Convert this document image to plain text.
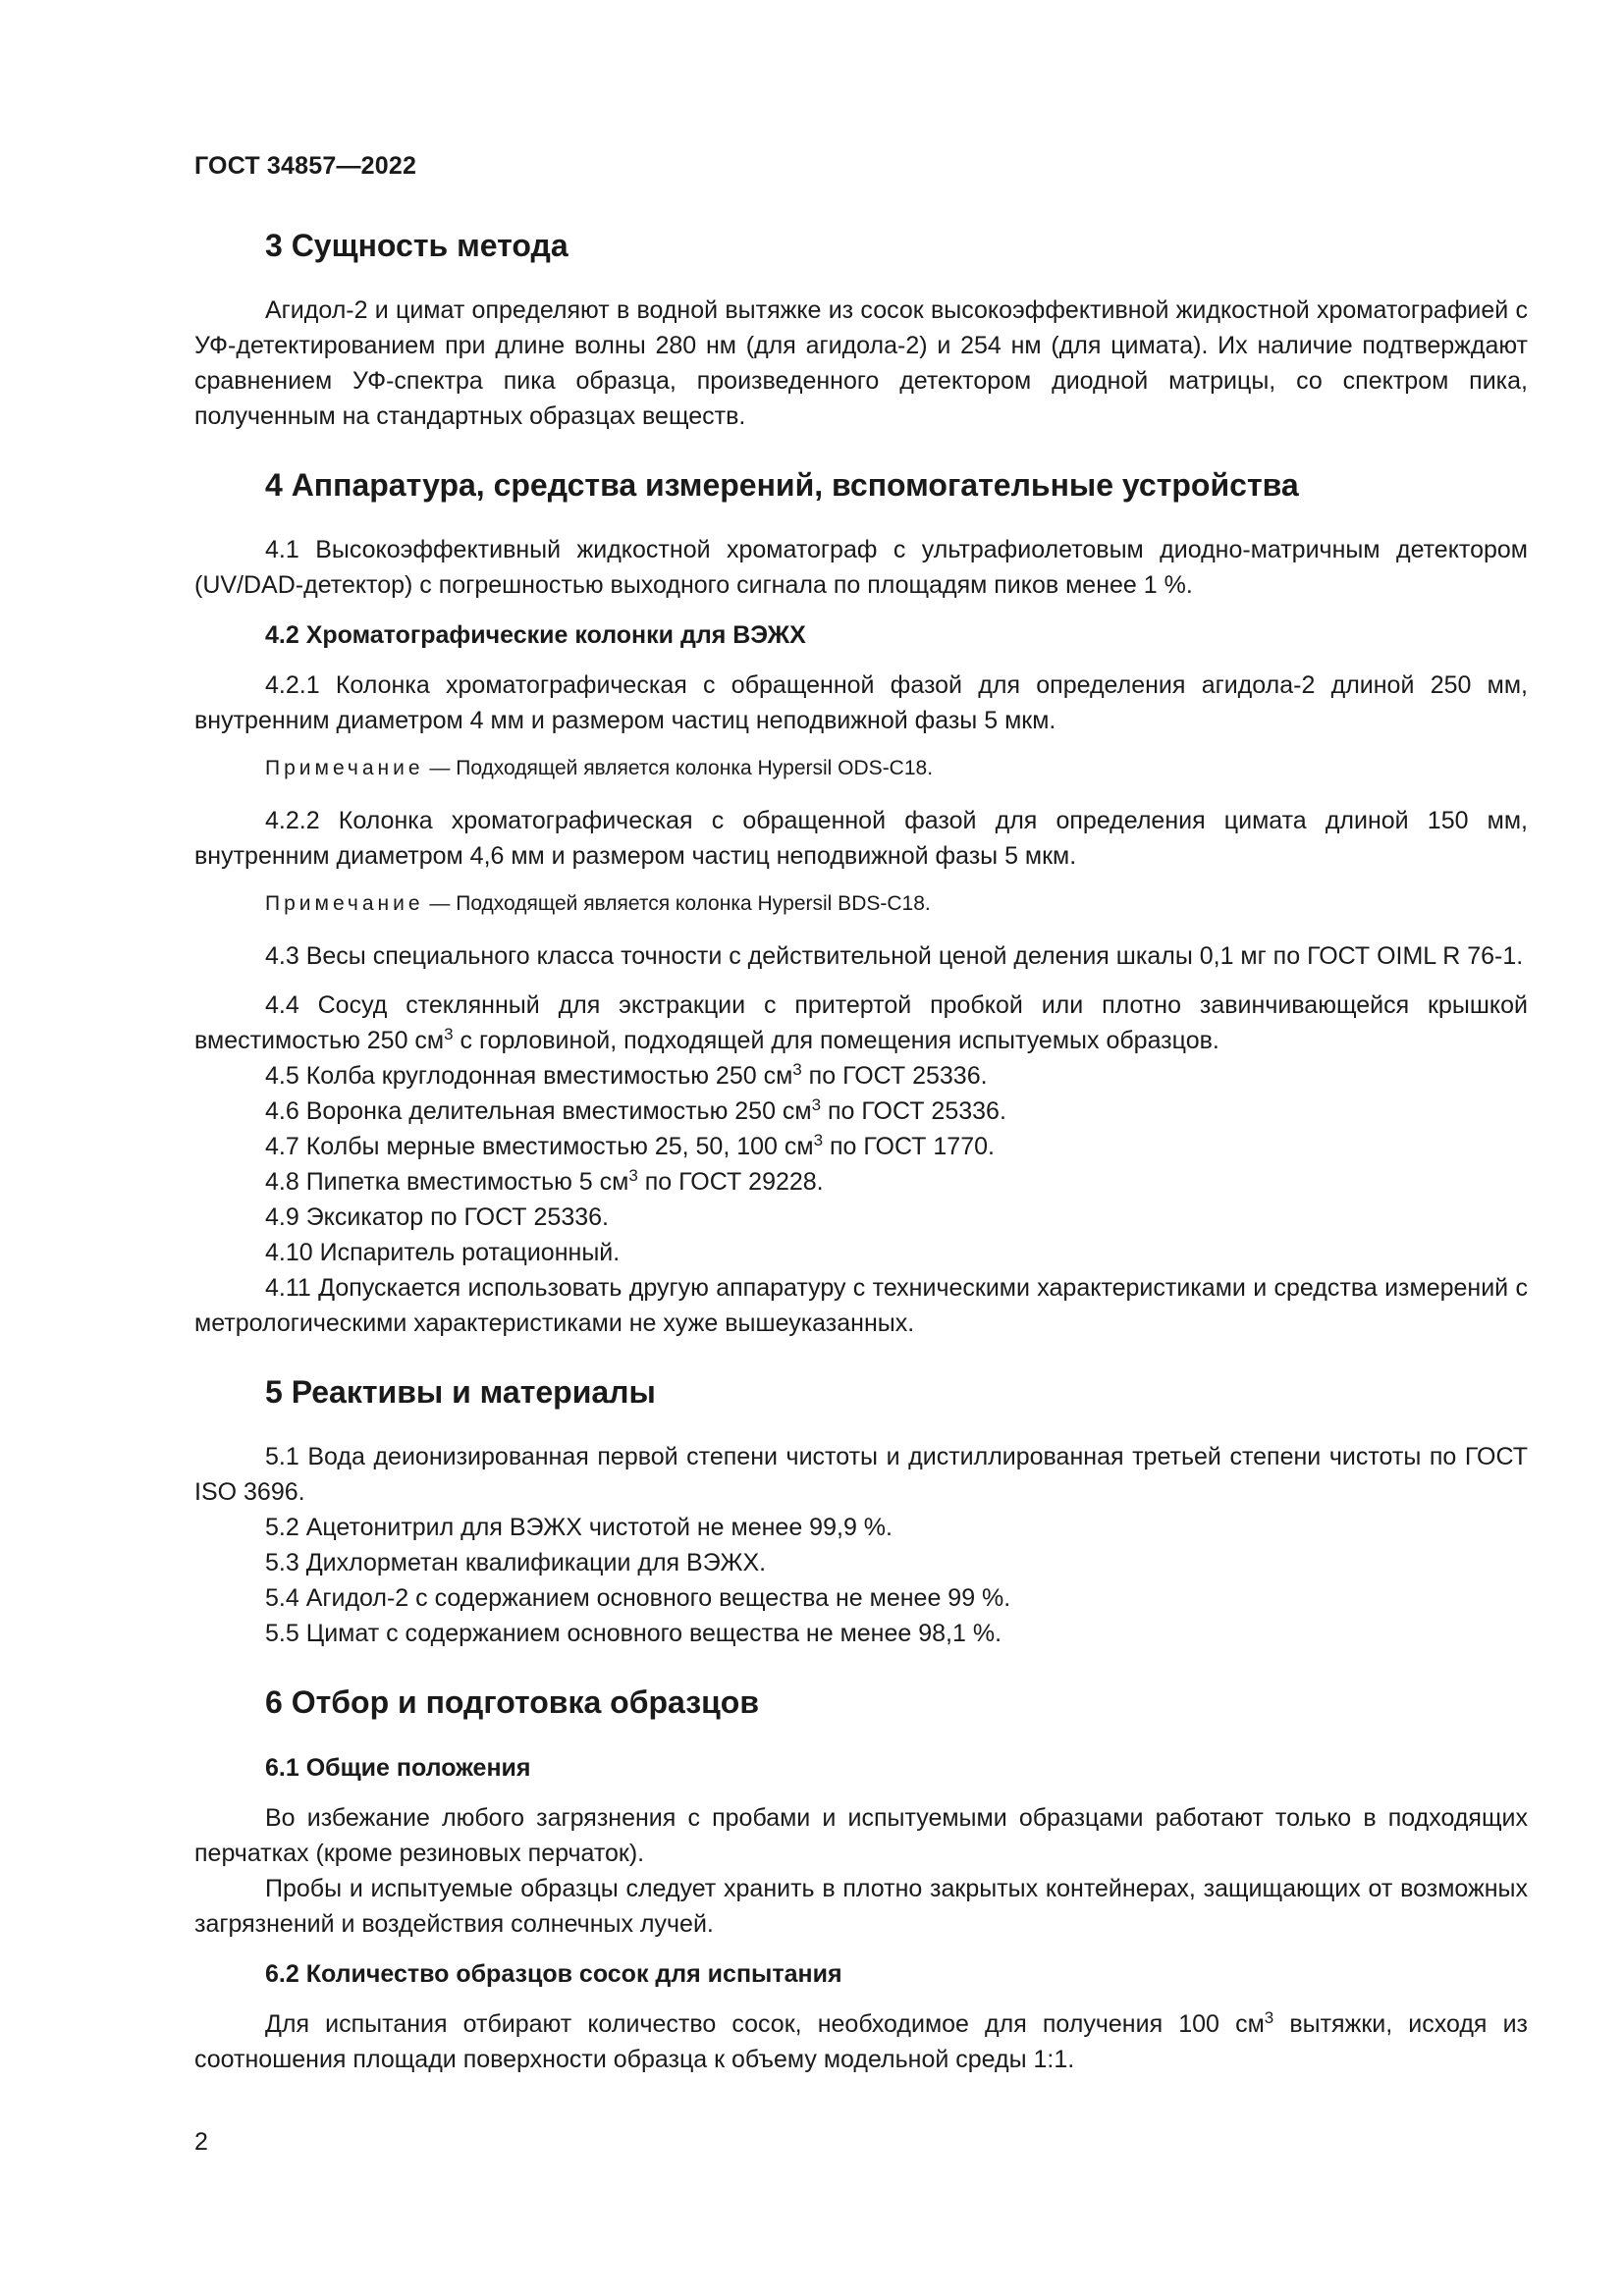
ГОСТ 34857—2022
3 Сущность метода

Агидол-2 и цимат определяют в водной вытяжке из сосок высокоэффективной жидкостной хроматографией с УФ-детектированием при длине волны 280 нм (для агидола-2) и 254 нм (для цимата). Их наличие подтверждают сравнением УФ-спектра пика образца, произведенного детектором диодной матрицы, со спектром пика, полученным на стандартных образцах веществ.

4 Аппаратура, средства измерений, вспомогательные устройства

4.1 Высокоэффективный жидкостной хроматограф с ультрафиолетовым диодно-матричным детектором (UV/DAD-детектор) с погрешностью выходного сигнала по площадям пиков менее 1 %.

4.2 Хроматографические колонки для ВЭЖХ

4.2.1 Колонка хроматографическая с обращенной фазой для определения агидола-2 длиной 250 мм, внутренним диаметром 4 мм и размером частиц неподвижной фазы 5 мкм.

Примечание — Подходящей является колонка Hypersil ODS-C18.

4.2.2 Колонка хроматографическая с обращенной фазой для определения цимата длиной 150 мм, внутренним диаметром 4,6 мм и размером частиц неподвижной фазы 5 мкм.

Примечание — Подходящей является колонка Hypersil BDS-C18.

4.3 Весы специального класса точности с действительной ценой деления шкалы 0,1 мг по ГОСТ OIML R 76-1.

4.4 Сосуд стеклянный для экстракции с притертой пробкой или плотно завинчивающейся крышкой вместимостью 250 $см^3$ с горловиной, подходящей для помещения испытуемых образцов.

4.5 Колба круглодонная вместимостью 250 $см^3$ по ГОСТ 25336.

4.6 Воронка делительная вместимостью 250 $см^3$ по ГОСТ 25336.

4.7 Колбы мерные вместимостью 25, 50, 100 $см^3$ по ГОСТ 1770.

4.8 Пипетка вместимостью 5 $см^3$ по ГОСТ 29228.

4.9 Эксикатор по ГОСТ 25336.

4.10 Испаритель ротационный.

4.11 Допускается использовать другую аппаратуру с техническими характеристиками и средства измерений с метрологическими характеристиками не хуже вышеуказанных.

5 Реактивы и материалы

5.1 Вода деионизированная первой степени чистоты и дистиллированная третьей степени чистоты по ГОСТ ISO 3696.

5.2 Ацетонитрил для ВЭЖХ чистотой не менее 99,9 %.

5.3 Дихлорметан квалификации для ВЭЖХ.

5.4 Агидол-2 с содержанием основного вещества не менее 99 %.

5.5 Цимат с содержанием основного вещества не менее 98,1 %.

6 Отбор и подготовка образцов
6.1 Общие положения

Во избежание любого загрязнения с пробами и испытуемыми образцами работают только в подходящих перчатках (кроме резиновых перчаток).

Пробы и испытуемые образцы следует хранить в плотно закрытых контейнерах, защищающих от возможных загрязнений и воздействия солнечных лучей.

6.2 Количество образцов сосок для испытания

Для испытания отбирают количество сосок, необходимое для получения 100 $см^3$ вытяжки, исходя из соотношения площади поверхности образца к объему модельной среды 1:1.

2
